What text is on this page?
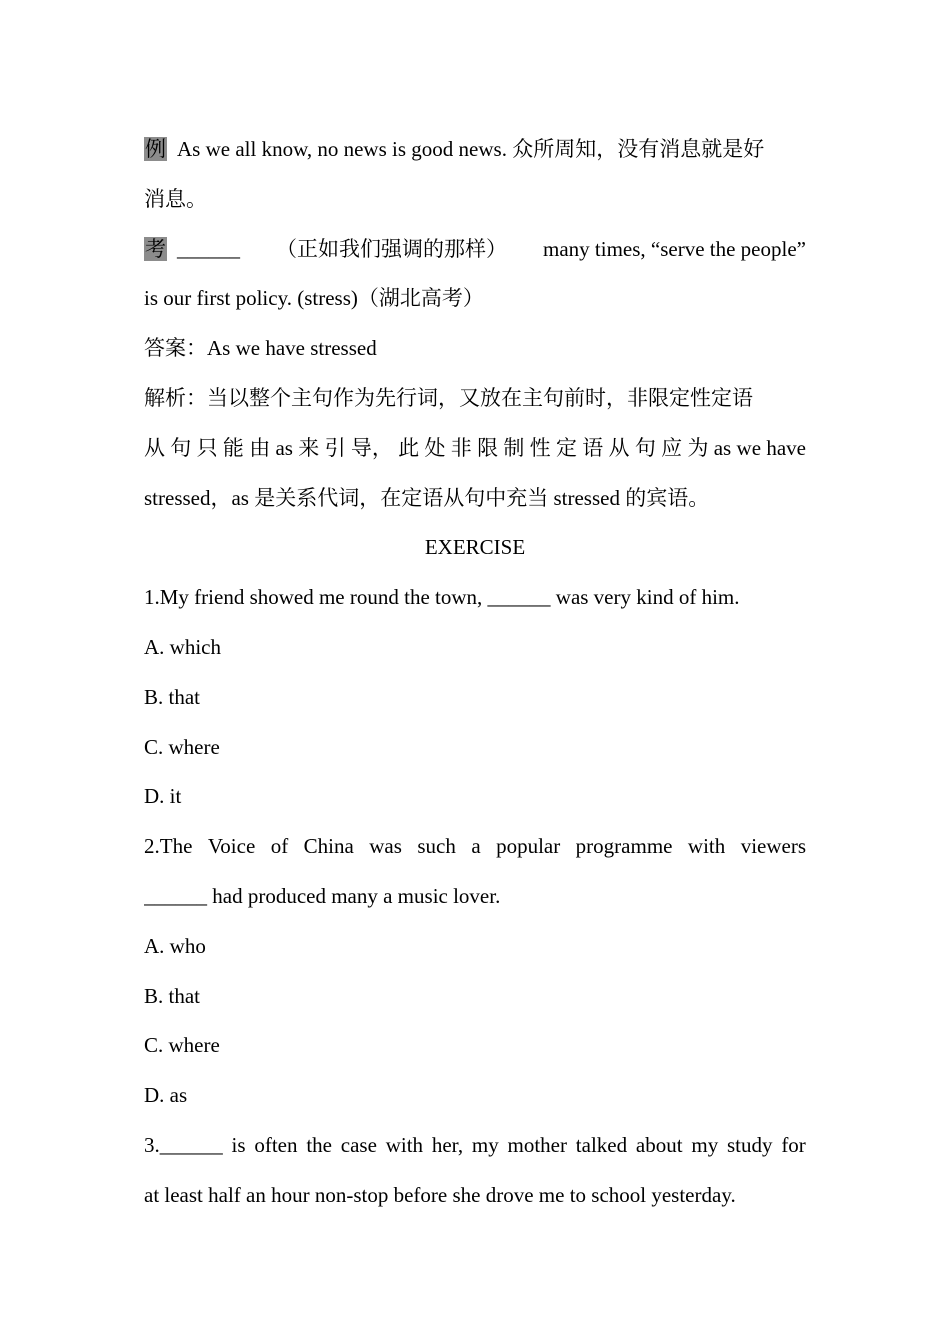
例 As we all know, no news is good news. 众所周知，没有消息就是好
消息。
考 ______ （正如我们强调的那样） many times, “serve the people”
is our first policy. (stress)（湖北高考）
答案：As we have stressed
解析：当以整个主句作为先行词，又放在主句前时，非限定性定语
从 句 只 能 由 as 来 引 导， 此 处 非 限 制 性 定 语 从 句 应 为 as we have
stressed，as 是关系代词，在定语从句中充当 stressed 的宾语。
EXERCISE
1.My friend showed me round the town, ______ was very kind of him.
A. which
B. that
C. where
D. it
2.The Voice of China was such a popular programme with viewers
______ had produced many a music lover.
A. who
B. that
C. where
D. as
3.______ is often the case with her, my mother talked about my study for
at least half an hour non-stop before she drove me to school yesterday.
